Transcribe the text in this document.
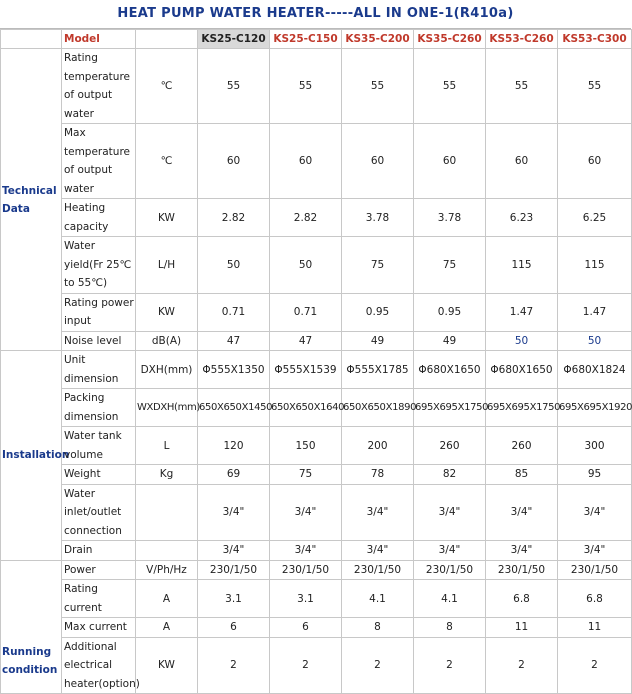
HEAT PUMP WATER HEATER-----ALL IN ONE-1(R410a)
	Model		KS25-C120	KS25-C150	KS35-C200	KS35-C260	KS53-C260	KS53-C300
Technical Data	Rating temperature of output water	℃	55	55	55	55	55	55
	Max temperature of output water	℃	60	60	60	60	60	60
	Heating capacity	KW	2.82	2.82	3.78	3.78	6.23	6.25
	Water yield(Fr 25℃ to 55℃)	L/H	50	50	75	75	115	115
	Rating power input	KW	0.71	0.71	0.95	0.95	1.47	1.47
	Noise level	dB(A)	47	47	49	49	50	50
Installation	Unit dimension	DXH(mm)	Φ555X1350	Φ555X1539	Φ555X1785	Φ680X1650	Φ680X1650	Φ680X1824
	Packing dimension	WXDXH(mm)	650X650X1450	650X650X1640	650X650X1890	695X695X1750	695X695X1750	695X695X1920
	Water tank volume	L	120	150	200	260	260	300
	Weight	Kg	69	75	78	82	85	95
	Water inlet/outlet connection		3/4"	3/4"	3/4"	3/4"	3/4"	3/4"
	Drain		3/4"	3/4"	3/4"	3/4"	3/4"	3/4"
Running condition	Power	V/Ph/Hz	230/1/50	230/1/50	230/1/50	230/1/50	230/1/50	230/1/50
	Rating current	A	3.1	3.1	4.1	4.1	6.8	6.8
	Max current	A	6	6	8	8	11	11
	Additional electrical heater(option)	KW	2	2	2	2	2	2
